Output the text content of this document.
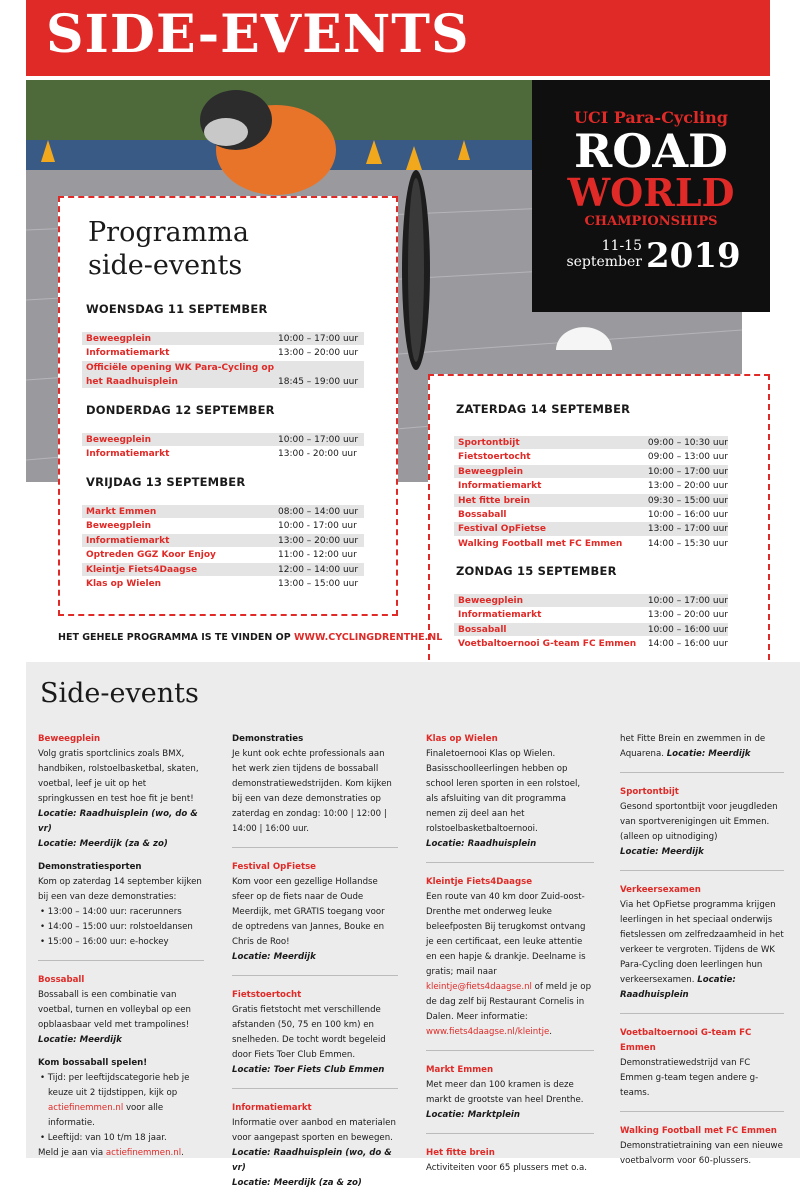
SIDE-EVENTS
UCI Para-Cycling
ROAD
WORLD
CHAMPIONSHIPS
11-15
september 2019
Programma
side-events
WOENSDAG 11 SEPTEMBER
Beweegplein	10:00 – 17:00 uur
Informatiemarkt	13:00 – 20:00 uur
Officiële opening WK Para-Cycling op het Raadhuisplein	18:45 – 19:00 uur
DONDERDAG 12 SEPTEMBER
Beweegplein	10:00 – 17:00 uur
Informatiemarkt	13:00 - 20:00 uur
VRIJDAG 13 SEPTEMBER
Markt Emmen	08:00 – 14:00 uur
Beweegplein	10:00 - 17:00 uur
Informatiemarkt	13:00 – 20:00 uur
Optreden GGZ Koor Enjoy	11:00 - 12:00 uur
Kleintje Fiets4Daagse	12:00 – 14:00 uur
Klas op Wielen	13:00 – 15:00 uur
ZATERDAG 14 SEPTEMBER
Sportontbijt	09:00 – 10:30 uur
Fietstoertocht	09:00 – 13:00 uur
Beweegplein	10:00 – 17:00 uur
Informatiemarkt	13:00 – 20:00 uur
Het fitte brein	09:30 – 15:00 uur
Bossaball	10:00 – 16:00 uur
Festival OpFietse	13:00 – 17:00 uur
Walking Football met FC Emmen	14:00 – 15:30 uur
ZONDAG 15 SEPTEMBER
Beweegplein	10:00 – 17:00 uur
Informatiemarkt	13:00 – 20:00 uur
Bossaball	10:00 – 16:00 uur
Voetbaltoernooi G-team FC Emmen	14:00 – 16:00 uur
HET GEHELE PROGRAMMA IS TE VINDEN OP WWW.CYCLINGDRENTHE.NL
Side-events
Beweegplein
Volg gratis sportclinics zoals BMX, handbiken, rolstoelbasketbal, skaten, voetbal, leef je uit op het springkussen en test hoe fit je bent!
Locatie: Raadhuisplein (wo, do & vr)
Locatie: Meerdijk (za & zo)
Demonstratiesporten
Kom op zaterdag 14 september kijken bij een van deze demonstraties:
• 13:00 – 14:00 uur: racerunners
• 14:00 – 15:00 uur: rolstoeldansen
• 15:00 – 16:00 uur: e-hockey
Bossaball
Bossaball is een combinatie van voetbal, turnen en volleybal op een opblaasbaar veld met trampolines!
Locatie: Meerdijk
Kom bossaball spelen!
• Tijd: per leeftijdscategorie heb je keuze uit 2 tijdstippen, kijk op actiefinemmen.nl voor alle informatie.
• Leeftijd: van 10 t/m 18 jaar.
Meld je aan via actiefinemmen.nl.
Demonstraties
Je kunt ook echte professionals aan het werk zien tijdens de bossaball demonstratiewedstrijden. Kom kijken bij een van deze demonstraties op zaterdag en zondag: 10:00 | 12:00 | 14:00 | 16:00 uur.
Festival OpFietse
Kom voor een gezellige Hollandse sfeer op de fiets naar de Oude Meerdijk, met GRATIS toegang voor de optredens van Jannes, Bouke en Chris de Roo!
Locatie: Meerdijk
Fietstoertocht
Gratis fietstocht met verschillende afstanden (50, 75 en 100 km) en snelheden. De tocht wordt begeleid door Fiets Toer Club Emmen.
Locatie: Toer Fiets Club Emmen
Informatiemarkt
Informatie over aanbod en materialen voor aangepast sporten en bewegen.
Locatie: Raadhuisplein (wo, do & vr)
Locatie: Meerdijk (za & zo)
Klas op Wielen
Finaletoernooi Klas op Wielen. Basisschoolleerlingen hebben op school leren sporten in een rolstoel, als afsluiting van dit programma nemen zij deel aan het rolstoelbasketbaltoernooi.
Locatie: Raadhuisplein
Kleintje Fiets4Daagse
Een route van 40 km door Zuid-oost-Drenthe met onderweg leuke beleefposten Bij terugkomst ontvang je een certificaat, een leuke attentie en een hapje & drankje. Deelname is gratis; mail naar kleintje@fiets4daagse.nl of meld je op de dag zelf bij Restaurant Cornelis in Dalen. Meer informatie: www.fiets4daagse.nl/kleintje.
Markt Emmen
Met meer dan 100 kramen is deze markt de grootste van heel Drenthe.
Locatie: Marktplein
Het fitte brein
Activiteiten voor 65 plussers met o.a.
het Fitte Brein en zwemmen in de Aquarena. Locatie: Meerdijk
Sportontbijt
Gesond sportontbijt voor jeugdleden van sportverenigingen uit Emmen. (alleen op uitnodiging)
Locatie: Meerdijk
Verkeersexamen
Via het OpFietse programma krijgen leerlingen in het speciaal onderwijs fietslessen om zelfredzaamheid in het verkeer te vergroten. Tijdens de WK Para-Cycling doen leerlingen hun verkeersexamen. Locatie: Raadhuisplein
Voetbaltoernooi G-team FC Emmen
Demonstratiewedstrijd van FC Emmen g-team tegen andere g-teams.
Walking Football met FC Emmen
Demonstratietraining van een nieuwe voetbalvorm voor 60-plussers.
